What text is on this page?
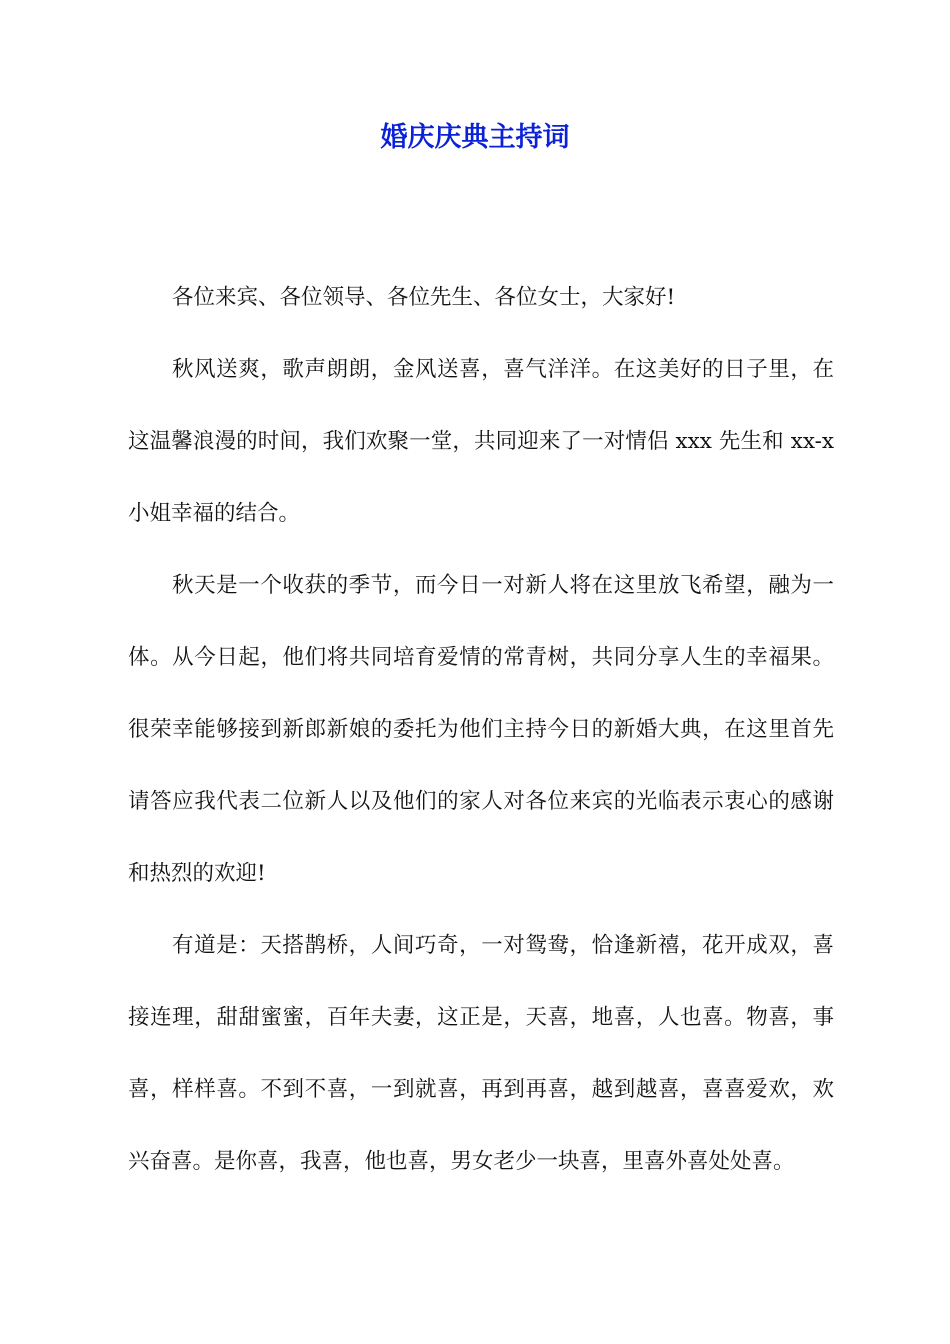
婚庆庆典主持词

各位来宾、各位领导、各位先生、各位女士，大家好!

秋风送爽，歌声朗朗，金风送喜，喜气洋洋。在这美好的日子里，在这温馨浪漫的时间，我们欢聚一堂，共同迎来了一对情侣 xxx 先生和 xx-x 小姐幸福的结合。

秋天是一个收获的季节，而今日一对新人将在这里放飞希望，融为一体。从今日起，他们将共同培育爱情的常青树，共同分享人生的幸福果。很荣幸能够接到新郎新娘的委托为他们主持今日的新婚大典，在这里首先请答应我代表二位新人以及他们的家人对各位来宾的光临表示衷心的感谢和热烈的欢迎!

有道是：天搭鹊桥，人间巧奇，一对鸳鸯，恰逢新禧，花开成双，喜接连理，甜甜蜜蜜，百年夫妻，这正是，天喜，地喜，人也喜。物喜，事喜，样样喜。不到不喜，一到就喜，再到再喜，越到越喜，喜喜爱欢，欢兴奋喜。是你喜，我喜，他也喜，男女老少一块喜，里喜外喜处处喜。
